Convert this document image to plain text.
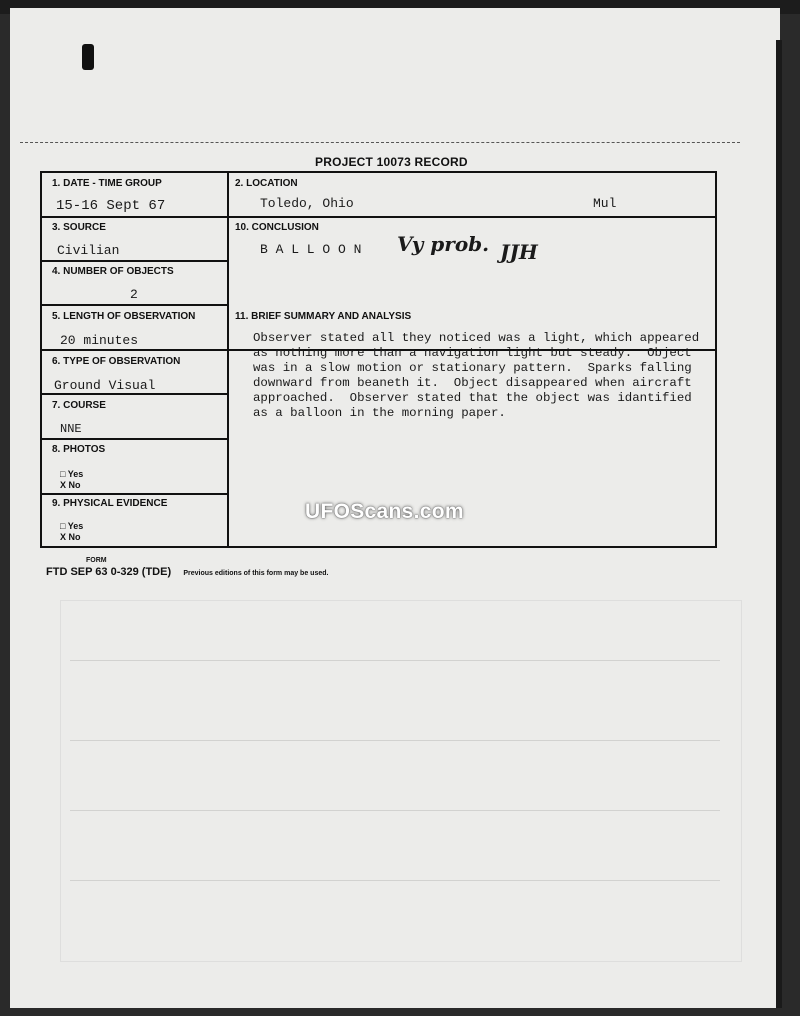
PROJECT 10073 RECORD
1. DATE - TIME GROUP
15-16 Sept 67
2. LOCATION
Toledo, Ohio	Mul
3. SOURCE
Civilian
10. CONCLUSION
B A L L O O N Vy prob. JJH
4. NUMBER OF OBJECTS
2
5. LENGTH OF OBSERVATION
20 minutes
11. BRIEF SUMMARY AND ANALYSIS
Observer stated all they noticed was a light, which appeared
as nothing more than a navigation light but steady.  Object
was in a slow motion or stationary pattern.  Sparks falling
downward from beaneth it.  Object disappeared when aircraft
approached.  Observer stated that the object was idantified
as a balloon in the morning paper.
6. TYPE OF OBSERVATION
Ground Visual
7. COURSE
NNE
8. PHOTOS
□ Yes
X No
9. PHYSICAL EVIDENCE
□ Yes
X No
FORM
FTD SEP 63 0-329 (TDE) Previous editions of this form may be used.
UFOScans.com
